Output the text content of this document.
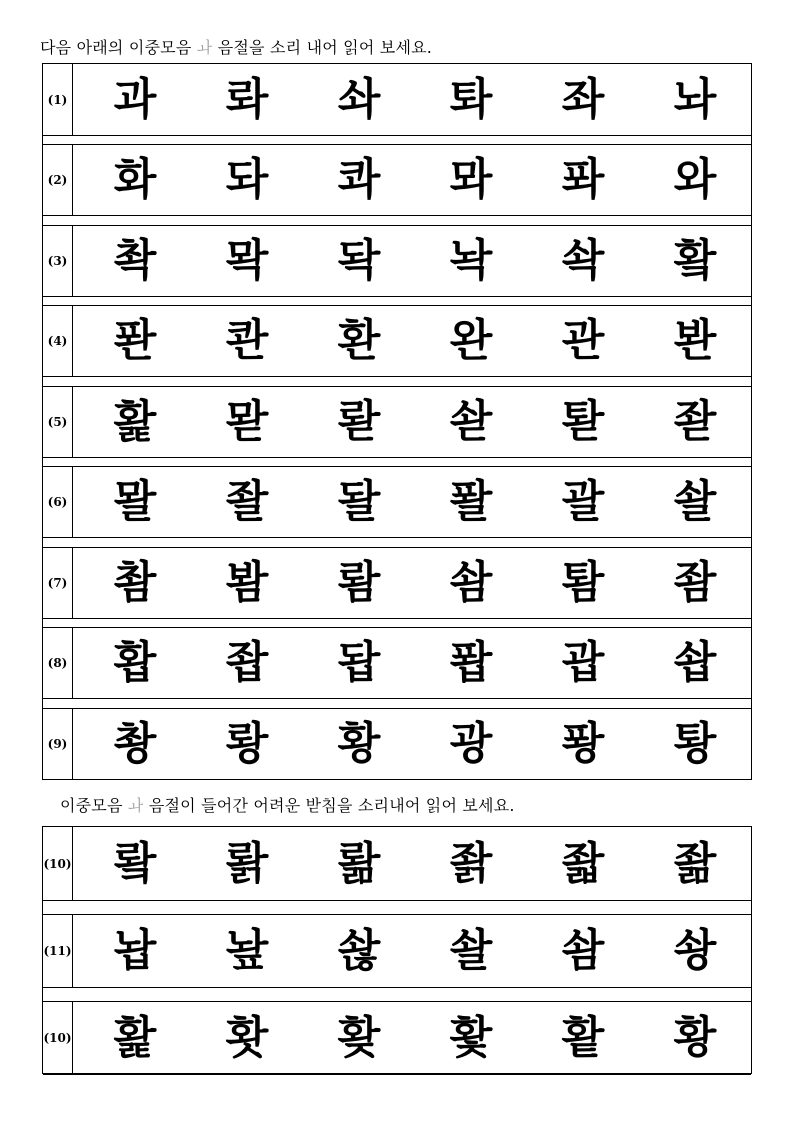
다음 아래의 이중모음 ㅘ 음절을 소리 내어 읽어 보세요.
(1)	과	롸	솨	톼	좌	놔
(2)	화	돠	콰	뫄	퐈	와
(3)	촥	뫅	돡	놕	솩	홬
(4)	퐌	콴	환	완	관	봔
(5)	홡	뫋	롿	솯	퇃	좓
(6)	뫌	좔	돨	퐐	괄	솰
(7)	촴	봠	뢈	솸	퇌	좜
(8)	홥	좝	돱	퐙	괍	솹
(9)	촹	뢍	황	광	퐝	퇑
이중모음 ㅘ 음절이 들어간 어려운 받침을 소리내어 읽어 보세요.
(10) 뢐	뢁	뢂	좕	좗	좖
(11) 놥	놮	솮	솰	솸	솽
(10) 홡	홧	홪	홫	홭	황
